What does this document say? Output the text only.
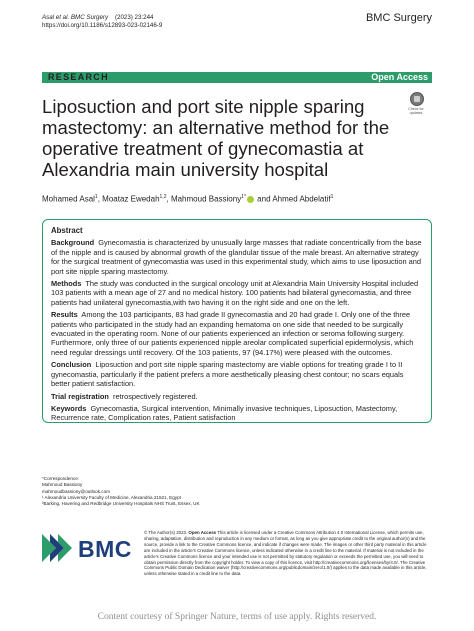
Asal et al. BMC Surgery (2023) 23:244
https://doi.org/10.1186/s12893-023-02146-9
BMC Surgery
RESEARCH	Open Access
Check for updates
Liposuction and port site nipple sparing mastectomy: an alternative method for the operative treatment of gynecomastia at Alexandria main university hospital
Mohamed Asal$^1$, Moataz Ewedah$^{1,2}$, Mahmoud Bassiony$^{1*}$ and Ahmed Abdelatif$^1$
Abstract

Background Gynecomastia is characterized by unusually large masses that radiate concentrically from the base of the nipple and is caused by abnormal growth of the glandular tissue of the male breast. An alternative strategy for the surgical treatment of gynecomastia was used in this experimental study, which aims to use liposuction and port site nipple sparing mastectomy.

Methods The study was conducted in the surgical oncology unit at Alexandria Main University Hospital included 103 patients with a mean age of 27 and no medical history. 100 patients had bilateral gynecomastia, and three patients had unilateral gynecomastia,with two having it on the right side and one on the left.

Results Among the 103 participants, 83 had grade II gynecomastia and 20 had grade I. Only one of the three patients who participated in the study had an expanding hematoma on one side that needed to be surgically evacuated in the operating room. None of our patients experienced an infection or seroma following surgery. Furthermore, only three of our patients experienced nipple areolar complicated superficial epidermolysis, which need regular dressings until recovery. Of the 103 patients, 97 (94.17%) were pleased with the outcomes.

Conclusion Liposuction and port site nipple sparing mastectomy are viable options for treating grade I to II gynecomastia, particularly if the patient prefers a more aesthetically pleasing chest contour; no scars equals better patient satisfaction.

Trial registration retrospectively registered.

Keywords Gynecomastia, Surgical intervention, Minimally invasive techniques, Liposuction, Mastectomy, Recurrence rate, Complication rates, Patient satisfaction

*Correspondence:
Mahmoud Bassiony
mahmoudbassiony@outlook.com
¹ Alexandria University Faculty of Medicine, Alexandria 21521, Egypt
²Barking, Havering and Redbridge University Hospitals NHS Trust, Essex, UK
BMC
© The Author(s) 2023. Open Access This article is licensed under a Creative Commons Attribution 4.0 International License, which permits use, sharing, adaptation, distribution and reproduction in any medium or format, as long as you give appropriate credit to the original author(s) and the source, provide a link to the Creative Commons licence, and indicate if changes were made. The images or other third party material in this article are included in the article's Creative Commons licence, unless indicated otherwise in a credit line to the material. If material is not included in the article's Creative Commons licence and your intended use is not permitted by statutory regulation or exceeds the permitted use, you will need to obtain permission directly from the copyright holder. To view a copy of this licence, visit http://creativecommons.org/licenses/by/4.0/. The Creative Commons Public Domain Dedication waiver (http://creativecommons.org/publicdomain/zero/1.0/) applies to the data made available in this article, unless otherwise stated in a credit line to the data.
Content courtesy of Springer Nature, terms of use apply. Rights reserved.
